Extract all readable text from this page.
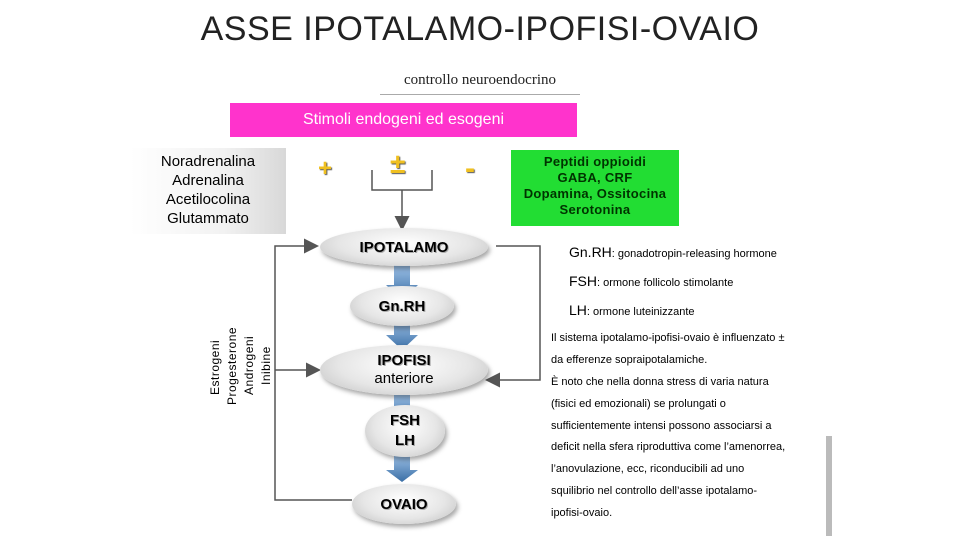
ASSE IPOTALAMO-IPOFISI-OVAIO
controllo neuroendocrino
Stimoli endogeni ed esogeni
Noradrenalina
Adrenalina
Acetilocolina
Glutammato
Peptidi oppioidi
GABA, CRF
Dopamina, Ossitocina
Serotonina
+ ± -
IPOTALAMO
Gn.RH
IPOFISI
anteriore
FSH
LH
OVAIO
Estrogeni Progesterone Androgeni Inibine
Gn.RH: gonadotropin-releasing hormone
FSH: ormone follicolo stimolante
LH: ormone luteinizzante
Il sistema ipotalamo-ipofisi-ovaio è influenzato ±
da efferenze sopraipotalamiche.
È noto che nella donna stress di varia natura
(fisici ed emozionali) se prolungati o
sufficientemente intensi possono associarsi a
deficit nella sfera riproduttiva come l’amenorrea,
l’anovulazione, ecc, riconducibili ad uno
squilibrio nel controllo dell’asse ipotalamo-
ipofisi-ovaio.
